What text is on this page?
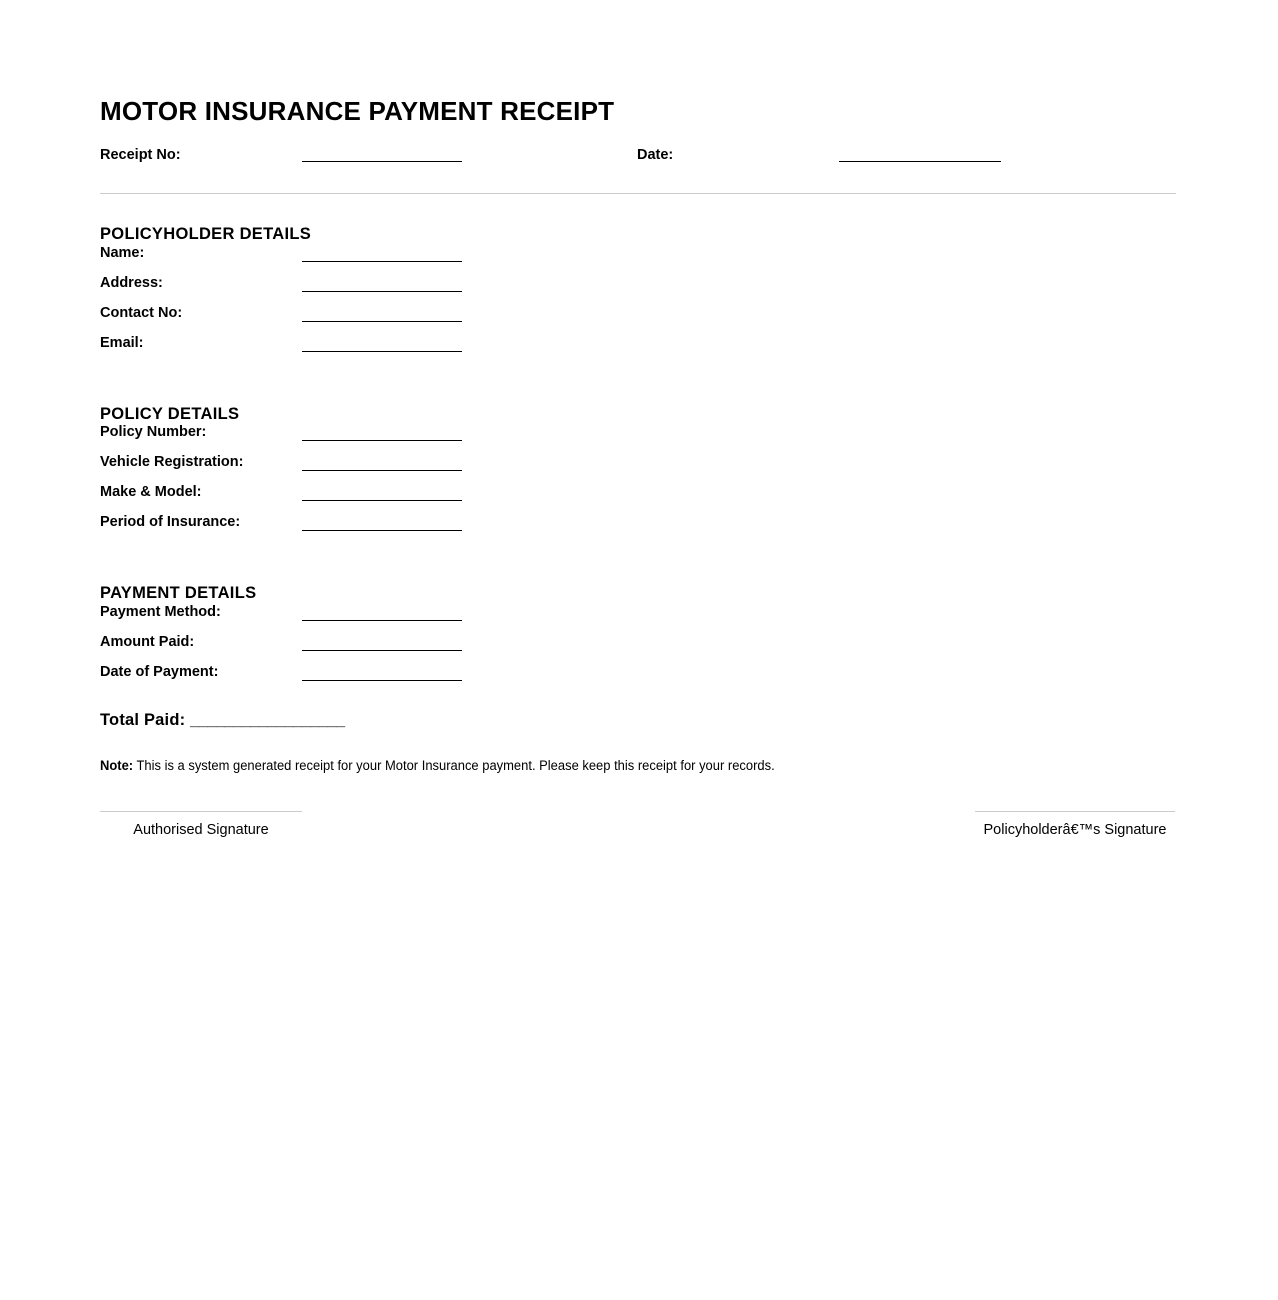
MOTOR INSURANCE PAYMENT RECEIPT
Receipt No:	Date:
POLICYHOLDER DETAILS
Name:
Address:
Contact No:
Email:
POLICY DETAILS
Policy Number:
Vehicle Registration:
Make & Model:
Period of Insurance:
PAYMENT DETAILS
Payment Method:
Amount Paid:
Date of Payment:
Total Paid: __________________

Note: This is a system generated receipt for your Motor Insurance payment. Please keep this receipt for your records.

Authorised Signature	Policyholderâ€™s Signature
